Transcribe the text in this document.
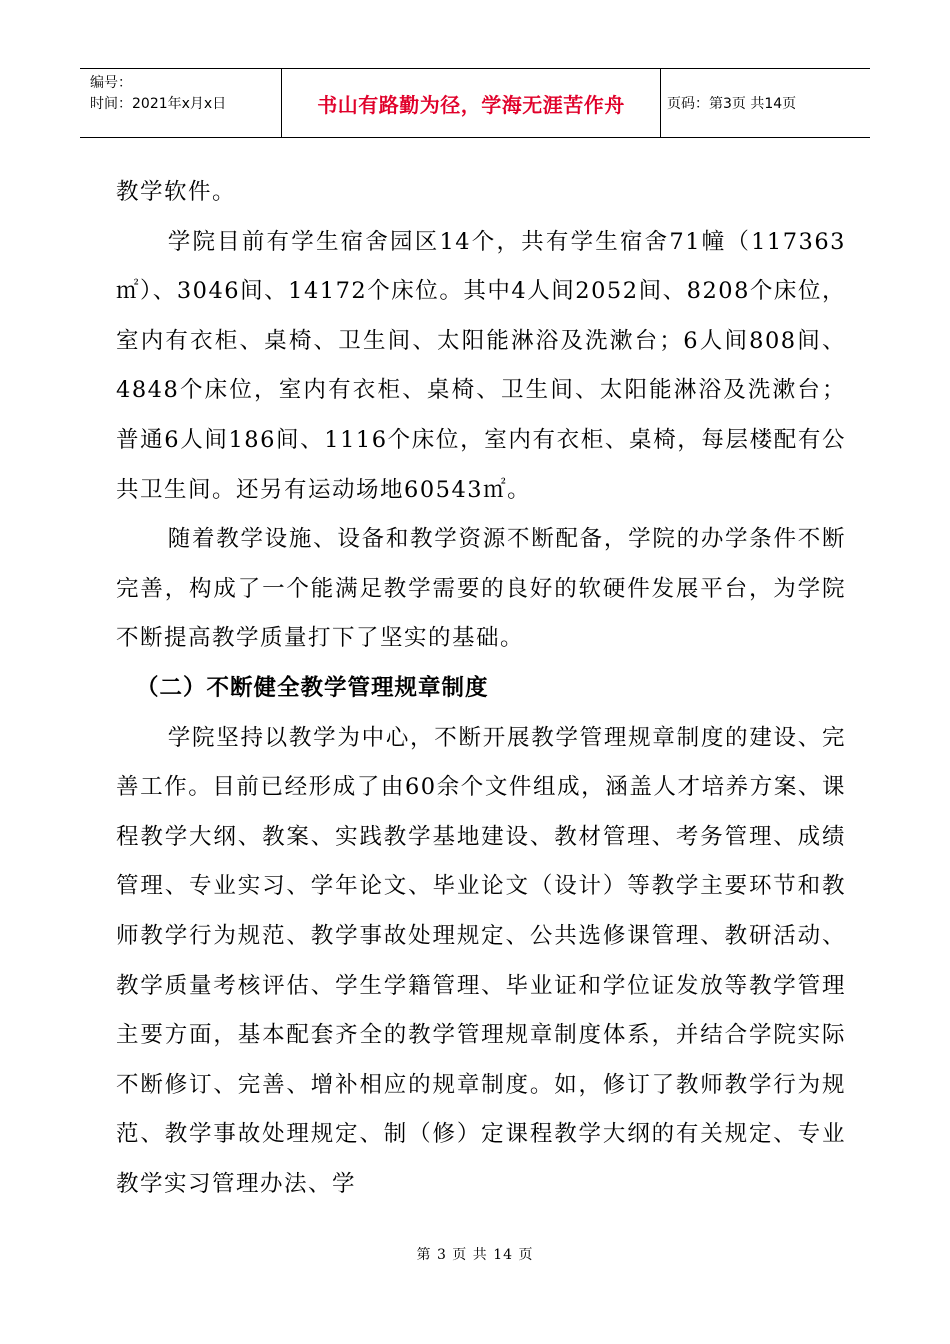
编号：
时间：2021年x月x日	书山有路勤为径，学海无涯苦作舟	页码：第3页 共14页

教学软件。

学院目前有学生宿舍园区14个，共有学生宿舍71幢（117363㎡）、3046间、14172个床位。其中4人间2052间、8208个床位，室内有衣柜、桌椅、卫生间、太阳能淋浴及洗漱台；6人间808间、4848个床位，室内有衣柜、桌椅、卫生间、太阳能淋浴及洗漱台；普通6人间186间、1116个床位，室内有衣柜、桌椅，每层楼配有公共卫生间。还另有运动场地60543㎡。

随着教学设施、设备和教学资源不断配备，学院的办学条件不断完善，构成了一个能满足教学需要的良好的软硬件发展平台，为学院不断提高教学质量打下了坚实的基础。

（二）不断健全教学管理规章制度

学院坚持以教学为中心，不断开展教学管理规章制度的建设、完善工作。目前已经形成了由60余个文件组成，涵盖人才培养方案、课程教学大纲、教案、实践教学基地建设、教材管理、考务管理、成绩管理、专业实习、学年论文、毕业论文（设计）等教学主要环节和教师教学行为规范、教学事故处理规定、公共选修课管理、教研活动、教学质量考核评估、学生学籍管理、毕业证和学位证发放等教学管理主要方面，基本配套齐全的教学管理规章制度体系，并结合学院实际不断修订、完善、增补相应的规章制度。如，修订了教师教学行为规范、教学事故处理规定、制（修）定课程教学大纲的有关规定、专业教学实习管理办法、学

第 3 页 共 14 页
